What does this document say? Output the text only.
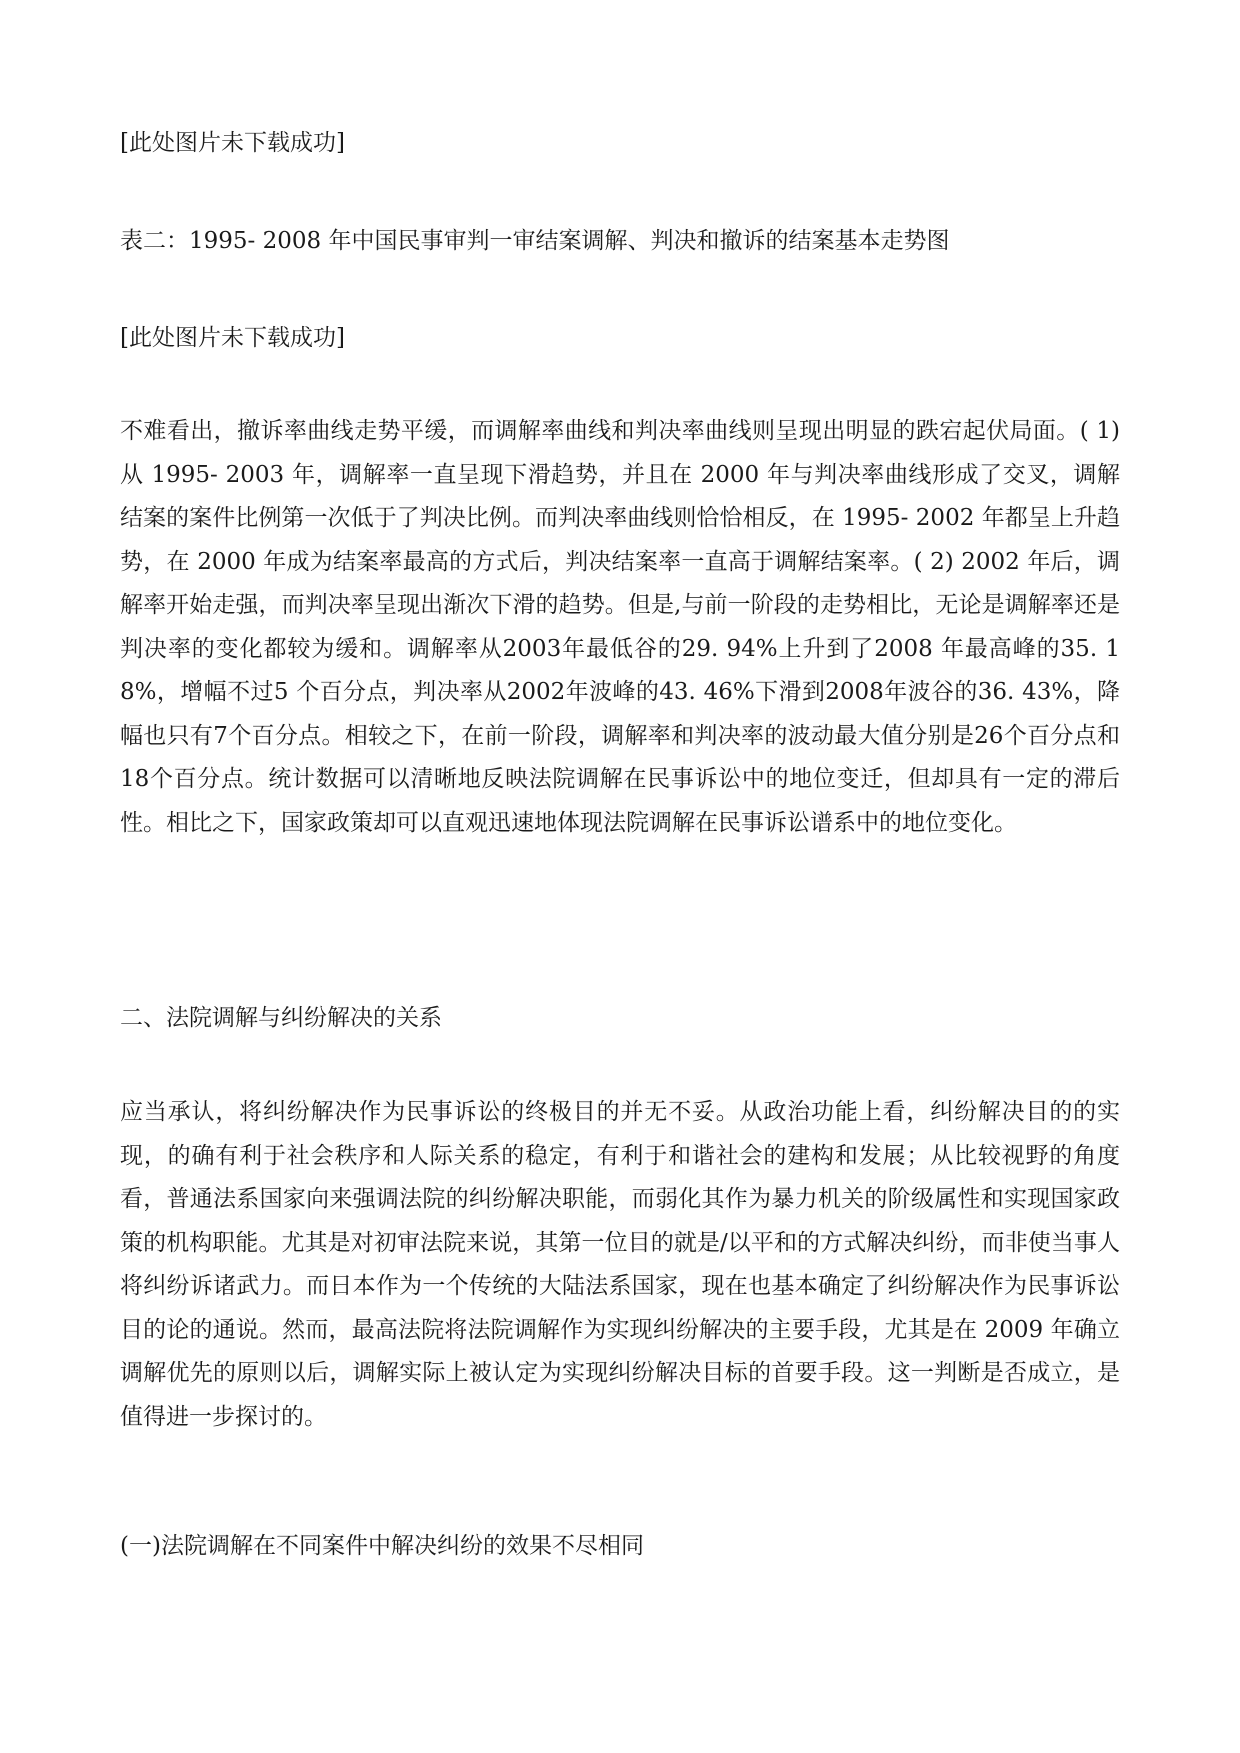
[此处图片未下载成功]

表二：1995- 2008 年中国民事审判一审结案调解、判决和撤诉的结案基本走势图

[此处图片未下载成功]

不难看出，撤诉率曲线走势平缓，而调解率曲线和判决率曲线则呈现出明显的跌宕起伏局面。( 1)从 1995- 2003 年，调解率一直呈现下滑趋势，并且在 2000 年与判决率曲线形成了交叉，调解结案的案件比例第一次低于了判决比例。而判决率曲线则恰恰相反，在 1995- 2002 年都呈上升趋势，在 2000 年成为结案率最高的方式后，判决结案率一直高于调解结案率。( 2) 2002 年后，调解率开始走强，而判决率呈现出渐次下滑的趋势。但是,与前一阶段的走势相比，无论是调解率还是判决率的变化都较为缓和。调解率从2003年最低谷的29. 94%上升到了2008 年最高峰的35. 18%，增幅不过5 个百分点，判决率从2002年波峰的43. 46%下滑到2008年波谷的36. 43%，降幅也只有7个百分点。相较之下，在前一阶段，调解率和判决率的波动最大值分别是26个百分点和18个百分点。统计数据可以清晰地反映法院调解在民事诉讼中的地位变迁，但却具有一定的滞后性。相比之下，国家政策却可以直观迅速地体现法院调解在民事诉讼谱系中的地位变化。

二、法院调解与纠纷解决的关系

应当承认，将纠纷解决作为民事诉讼的终极目的并无不妥。从政治功能上看，纠纷解决目的的实现，的确有利于社会秩序和人际关系的稳定，有利于和谐社会的建构和发展；从比较视野的角度看，普通法系国家向来强调法院的纠纷解决职能，而弱化其作为暴力机关的阶级属性和实现国家政策的机构职能。尤其是对初审法院来说，其第一位目的就是/以平和的方式解决纠纷，而非使当事人将纠纷诉诸武力。而日本作为一个传统的大陆法系国家，现在也基本确定了纠纷解决作为民事诉讼目的论的通说。然而，最高法院将法院调解作为实现纠纷解决的主要手段，尤其是在 2009 年确立调解优先的原则以后，调解实际上被认定为实现纠纷解决目标的首要手段。这一判断是否成立，是值得进一步探讨的。

(一)法院调解在不同案件中解决纠纷的效果不尽相同
